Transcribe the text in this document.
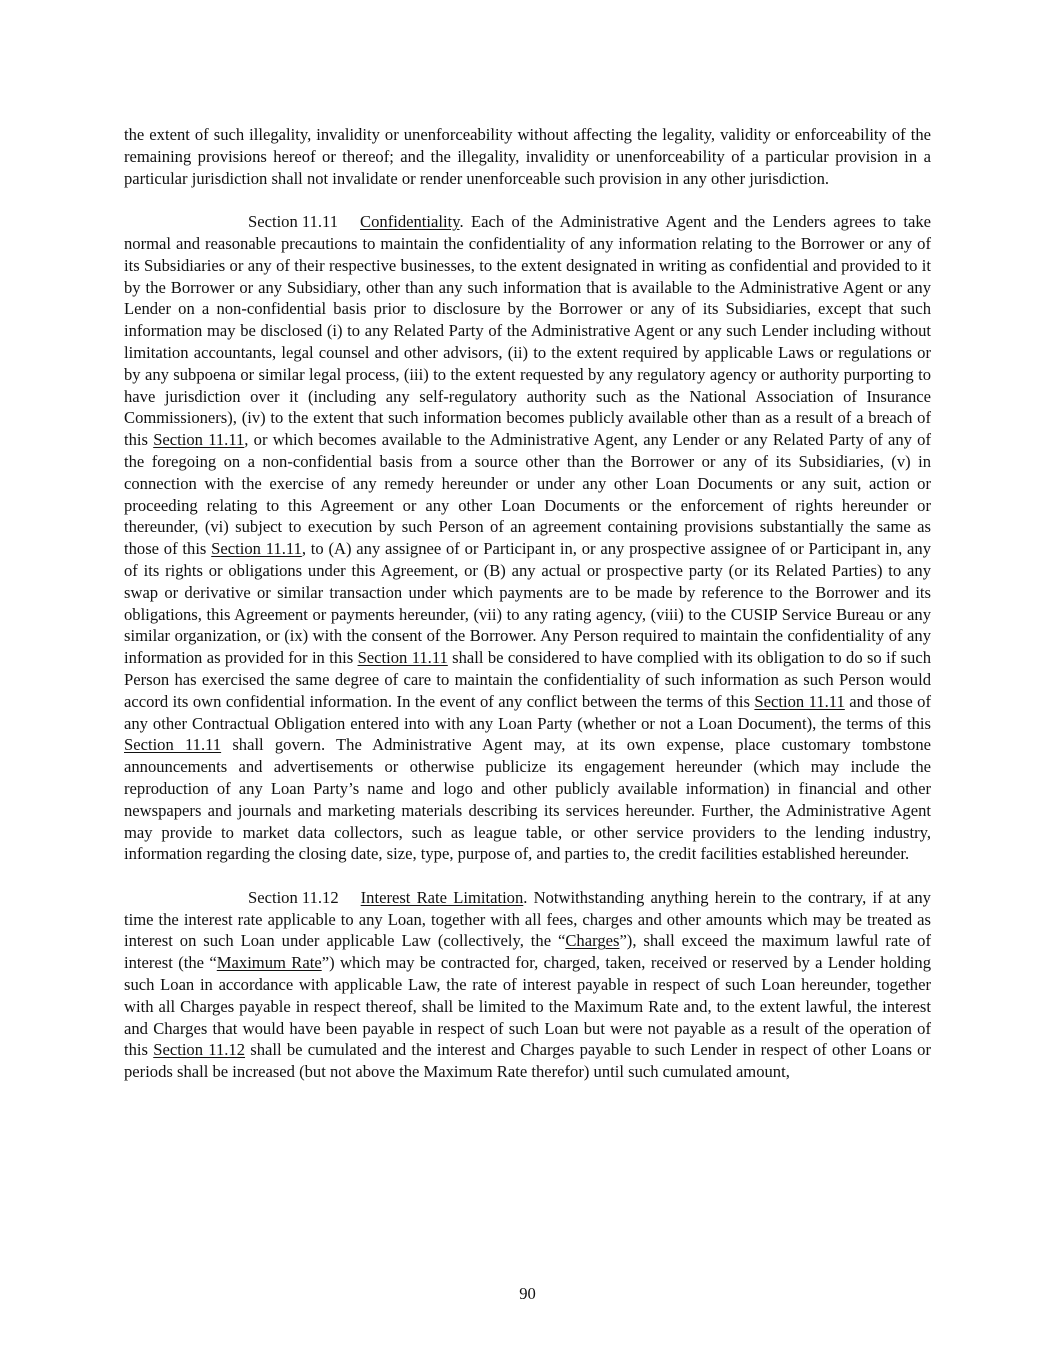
the extent of such illegality, invalidity or unenforceability without affecting the legality, validity or enforceability of the remaining provisions hereof or thereof; and the illegality, invalidity or unenforceability of a particular provision in a particular jurisdiction shall not invalidate or render unenforceable such provision in any other jurisdiction.

Section 11.11 Confidentiality. Each of the Administrative Agent and the Lenders agrees to take normal and reasonable precautions to maintain the confidentiality of any information relating to the Borrower or any of its Subsidiaries or any of their respective businesses, to the extent designated in writing as confidential and provided to it by the Borrower or any Subsidiary, other than any such information that is available to the Administrative Agent or any Lender on a non-confidential basis prior to disclosure by the Borrower or any of its Subsidiaries, except that such information may be disclosed (i) to any Related Party of the Administrative Agent or any such Lender including without limitation accountants, legal counsel and other advisors, (ii) to the extent required by applicable Laws or regulations or by any subpoena or similar legal process, (iii) to the extent requested by any regulatory agency or authority purporting to have jurisdiction over it (including any self-regulatory authority such as the National Association of Insurance Commissioners), (iv) to the extent that such information becomes publicly available other than as a result of a breach of this Section 11.11, or which becomes available to the Administrative Agent, any Lender or any Related Party of any of the foregoing on a non-confidential basis from a source other than the Borrower or any of its Subsidiaries, (v) in connection with the exercise of any remedy hereunder or under any other Loan Documents or any suit, action or proceeding relating to this Agreement or any other Loan Documents or the enforcement of rights hereunder or thereunder, (vi) subject to execution by such Person of an agreement containing provisions substantially the same as those of this Section 11.11, to (A) any assignee of or Participant in, or any prospective assignee of or Participant in, any of its rights or obligations under this Agreement, or (B) any actual or prospective party (or its Related Parties) to any swap or derivative or similar transaction under which payments are to be made by reference to the Borrower and its obligations, this Agreement or payments hereunder, (vii) to any rating agency, (viii) to the CUSIP Service Bureau or any similar organization, or (ix) with the consent of the Borrower. Any Person required to maintain the confidentiality of any information as provided for in this Section 11.11 shall be considered to have complied with its obligation to do so if such Person has exercised the same degree of care to maintain the confidentiality of such information as such Person would accord its own confidential information. In the event of any conflict between the terms of this Section 11.11 and those of any other Contractual Obligation entered into with any Loan Party (whether or not a Loan Document), the terms of this Section 11.11 shall govern. The Administrative Agent may, at its own expense, place customary tombstone announcements and advertisements or otherwise publicize its engagement hereunder (which may include the reproduction of any Loan Party’s name and logo and other publicly available information) in financial and other newspapers and journals and marketing materials describing its services hereunder. Further, the Administrative Agent may provide to market data collectors, such as league table, or other service providers to the lending industry, information regarding the closing date, size, type, purpose of, and parties to, the credit facilities established hereunder.

Section 11.12 Interest Rate Limitation. Notwithstanding anything herein to the contrary, if at any time the interest rate applicable to any Loan, together with all fees, charges and other amounts which may be treated as interest on such Loan under applicable Law (collectively, the “Charges”), shall exceed the maximum lawful rate of interest (the “Maximum Rate”) which may be contracted for, charged, taken, received or reserved by a Lender holding such Loan in accordance with applicable Law, the rate of interest payable in respect of such Loan hereunder, together with all Charges payable in respect thereof, shall be limited to the Maximum Rate and, to the extent lawful, the interest and Charges that would have been payable in respect of such Loan but were not payable as a result of the operation of this Section 11.12 shall be cumulated and the interest and Charges payable to such Lender in respect of other Loans or periods shall be increased (but not above the Maximum Rate therefor) until such cumulated amount,

90
